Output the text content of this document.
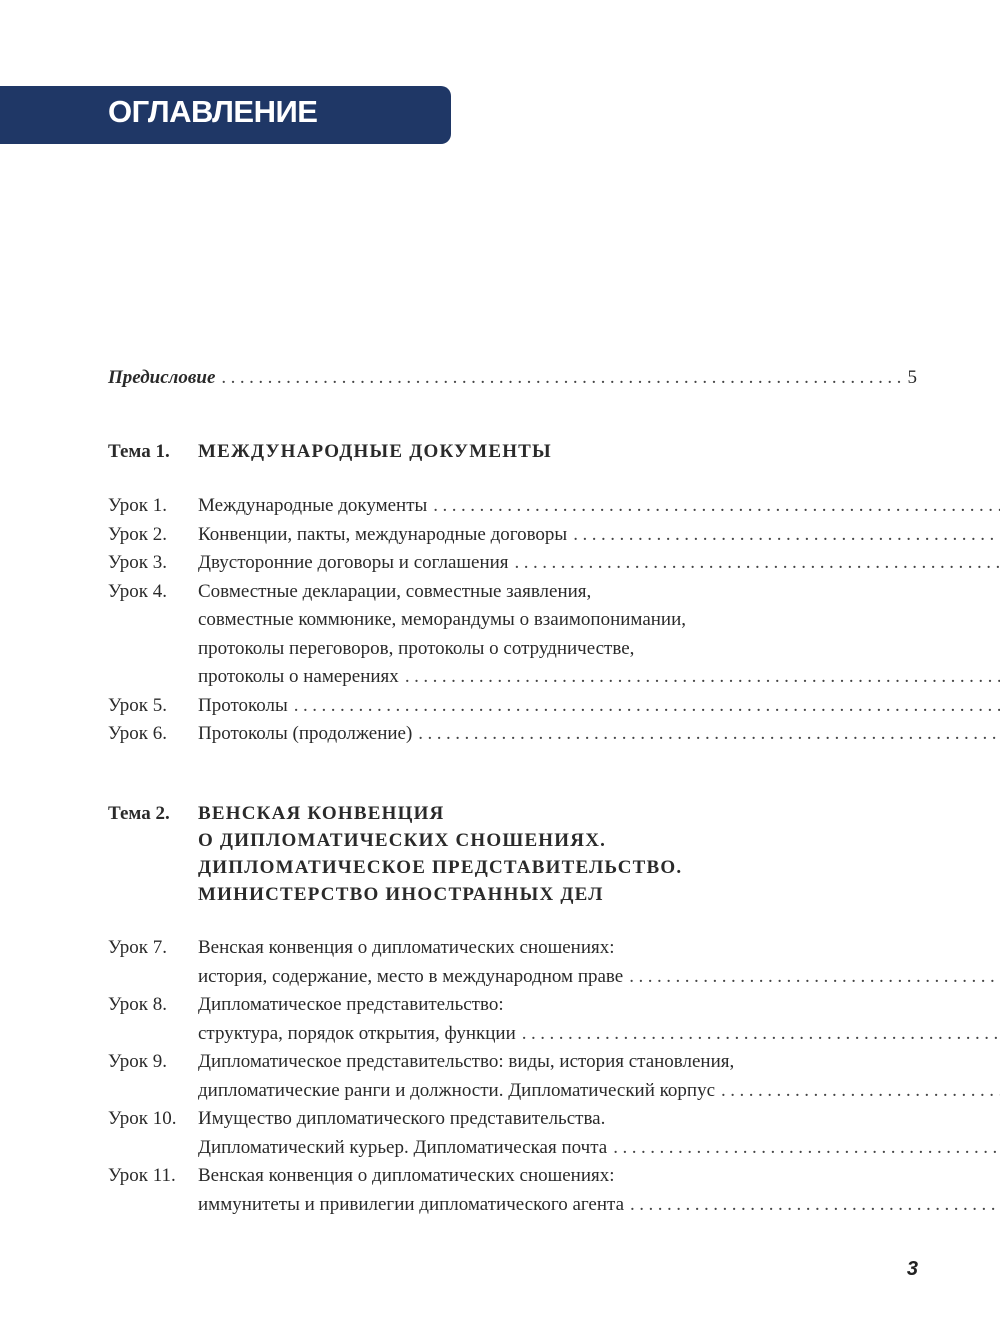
ОГЛАВЛЕНИЕ
Предисловие
.....	5
Тема 1.	МЕЖДУНАРОДНЫЕ ДОКУМЕНТЫ
Урок 1.	Международные документы
.....
Урок 2.	Конвенции, пакты, международные договоры
.....
Урок 3.	Двусторонние договоры и соглашения
.....
Урок 4.	Совместные декларации, совместные заявления,
совместные коммюнике, меморандумы о взаимопонимании,
протоколы переговоров, протоколы о сотрудничестве,
протоколы о намерениях
.....
Урок 5.	Протоколы
.....
Урок 6.	Протоколы (продолжение)
.....
Тема 2.	ВЕНСКАЯ КОНВЕНЦИЯ
О ДИПЛОМАТИЧЕСКИХ СНОШЕНИЯХ.
ДИПЛОМАТИЧЕСКОЕ ПРЕДСТАВИТЕЛЬСТВО.
МИНИСТЕРСТВО ИНОСТРАННЫХ ДЕЛ
Урок 7.	Венская конвенция о дипломатических сношениях:
история, содержание, место в международном праве
.....
Урок 8.	Дипломатическое представительство:
структура, порядок открытия, функции
.....
Урок 9.	Дипломатическое представительство: виды, история становления,
дипломатические ранги и должности. Дипломатический корпус
.....
Урок 10.	Имущество дипломатического представительства.
Дипломатический курьер. Дипломатическая почта
.....
Урок 11.	Венская конвенция о дипломатических сношениях:
иммунитеты и привилегии дипломатического агента
.....
3
